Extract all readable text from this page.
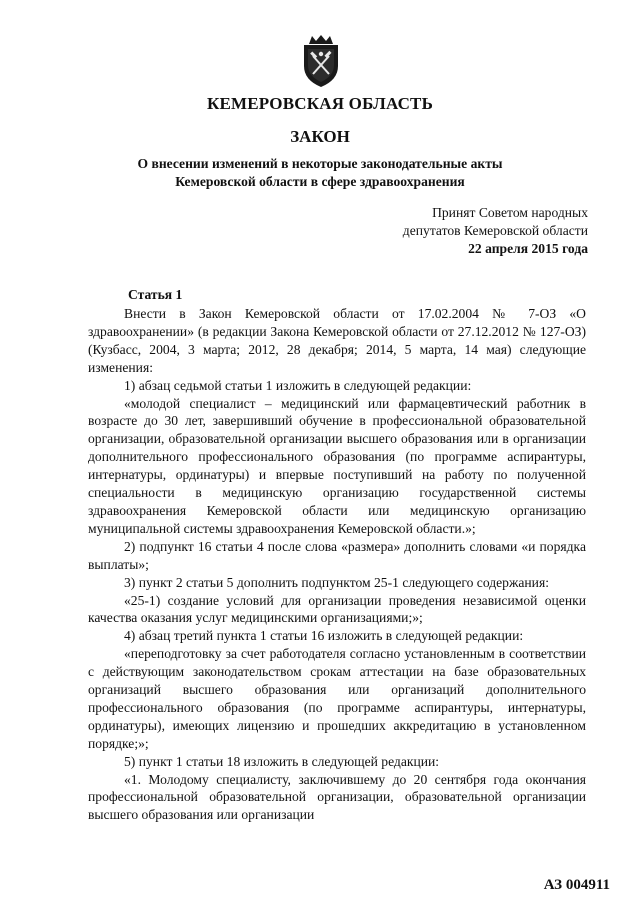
КЕМЕРОВСКАЯ ОБЛАСТЬ
ЗАКОН
О внесении изменений в некоторые законодательные акты
Кемеровской области в сфере здравоохранения
Принят Советом народных
депутатов Кемеровской области
22 апреля 2015 года
Статья 1

Внести в Закон Кемеровской области от 17.02.2004 № 7-ОЗ «О здравоохранении» (в редакции Закона Кемеровской области от 27.12.2012 № 127-ОЗ) (Кузбасс, 2004, 3 марта; 2012, 28 декабря; 2014, 5 марта, 14 мая) следующие изменения:

1) абзац седьмой статьи 1 изложить в следующей редакции:

«молодой специалист – медицинский или фармацевтический работник в возрасте до 30 лет, завершивший обучение в профессиональной образовательной организации, образовательной организации высшего образования или в организации дополнительного профессионального образования (по программе аспирантуры, интернатуры, ординатуры) и впервые поступивший на работу по полученной специальности в медицинскую организацию государственной системы здравоохранения Кемеровской области или медицинскую организацию муниципальной системы здравоохранения Кемеровской области.»;

2) подпункт 16 статьи 4 после слова «размера» дополнить словами «и порядка выплаты»;

3) пункт 2 статьи 5 дополнить подпунктом 25-1 следующего содержания:

«25-1) создание условий для организации проведения независимой оценки качества оказания услуг медицинскими организациями;»;

4) абзац третий пункта 1 статьи 16 изложить в следующей редакции:

«переподготовку за счет работодателя согласно установленным в соответствии с действующим законодательством срокам аттестации на базе образовательных организаций высшего образования или организаций дополнительного профессионального образования (по программе аспирантуры, интернатуры, ординатуры), имеющих лицензию и прошедших аккредитацию в установленном порядке;»;

5) пункт 1 статьи 18 изложить в следующей редакции:

«1. Молодому специалисту, заключившему до 20 сентября года окончания профессиональной образовательной организации, образовательной организации высшего образования или организации

АЗ 004911
